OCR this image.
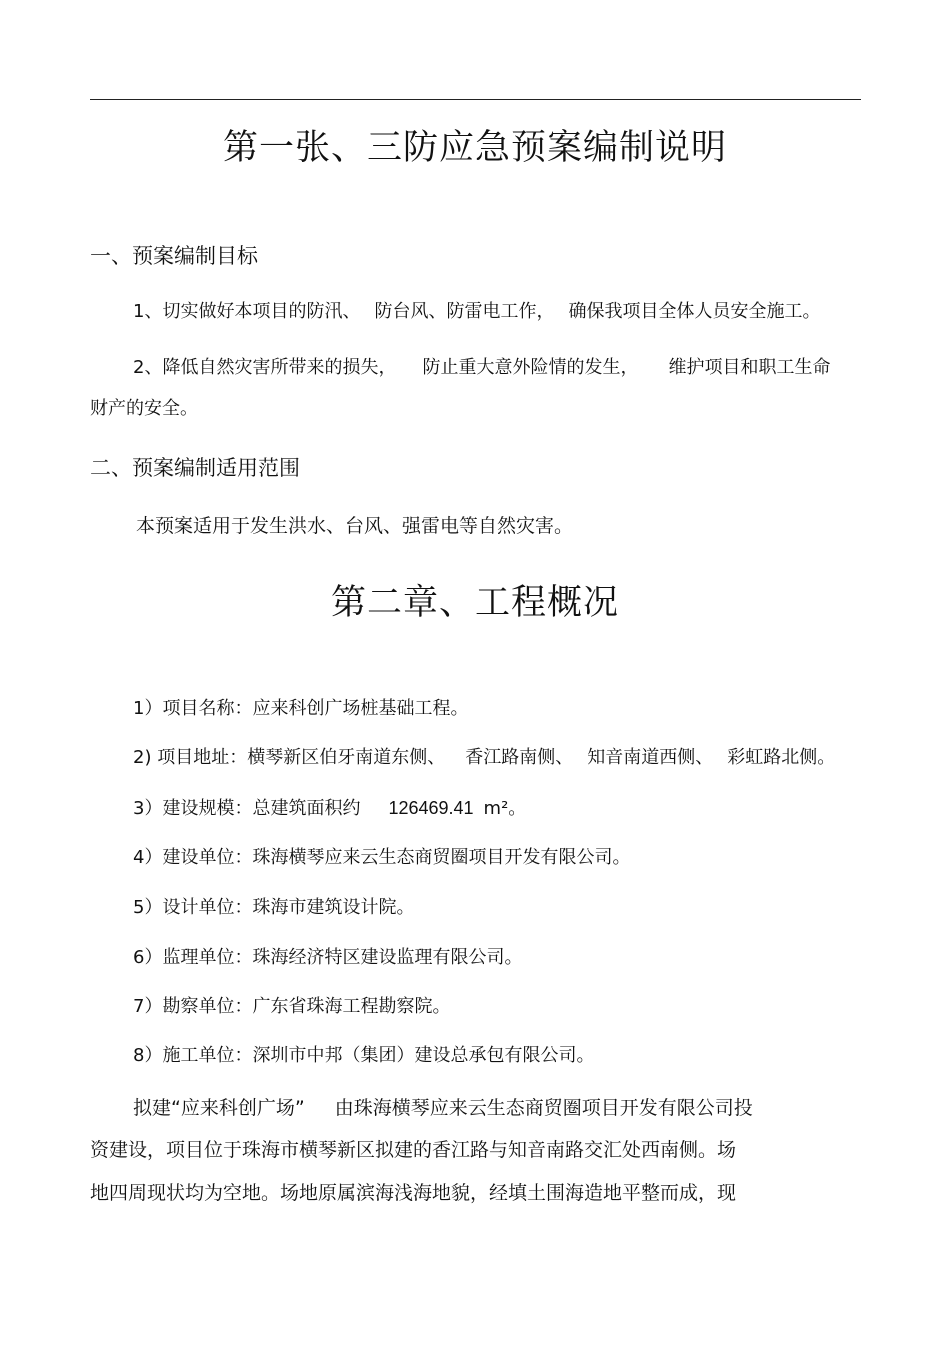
第一张、三防应急预案编制说明
一、预案编制目标
1、切实做好本项目的防汛、 防台风、防雷电工作， 确保我项目全体人员安全施工。
2、降低自然灾害所带来的损失， 防止重大意外险情的发生， 维护项目和职工生命
财产的安全。
二、预案编制适用范围
本预案适用于发生洪水、台风、强雷电等自然灾害。
第二章、工程概况
1）项目名称：应来科创广场桩基础工程。
2) 项目地址：横琴新区伯牙南道东侧、 香江路南侧、 知音南道西侧、 彩虹路北侧。
3）建设规模：总建筑面积约 126469.41 m²。
4）建设单位：珠海横琴应来云生态商贸圈项目开发有限公司。
5）设计单位：珠海市建筑设计院。
6）监理单位：珠海经济特区建设监理有限公司。
7）勘察单位：广东省珠海工程勘察院。
8）施工单位：深圳市中邦（集团）建设总承包有限公司。
拟建“应来科创广场” 由珠海横琴应来云生态商贸圈项目开发有限公司投
资建设，项目位于珠海市横琴新区拟建的香江路与知音南路交汇处西南侧。场
地四周现状均为空地。场地原属滨海浅海地貌，经填土围海造地平整而成，现
